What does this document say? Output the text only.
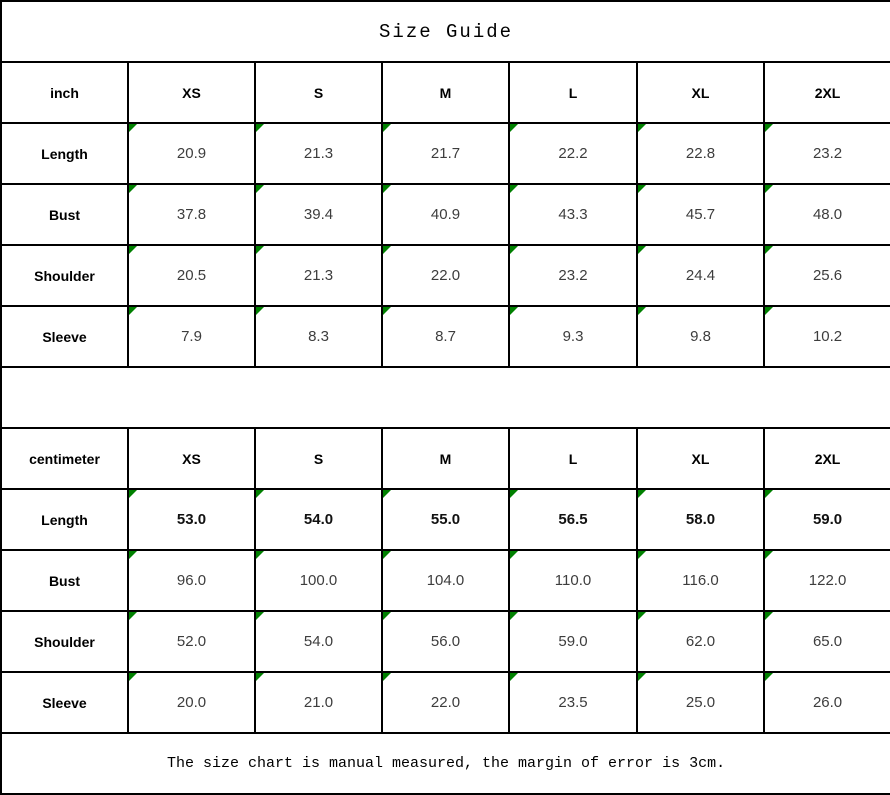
Size Guide						
inch	XS	S	M	L	XL	2XL
Length	20.9	21.3	21.7	22.2	22.8	23.2

Bust	37.8	39.4	40.9	43.3	45.7	48.0

Shoulder	20.5	21.3	22.0	23.2	24.4	25.6

Sleeve	7.9	8.3	8.7	9.3	9.8	10.2

centimeter	XS	S	M	L	XL	2XL
Length	53.0	54.0	55.0	56.5	58.0	59.0

Bust	96.0	100.0	104.0	110.0	116.0	122.0

Shoulder	52.0	54.0	56.0	59.0	62.0	65.0

Sleeve	20.0	21.0	22.0	23.5	25.0	26.0

The size chart is manual measured, the margin of error is 3cm.						
